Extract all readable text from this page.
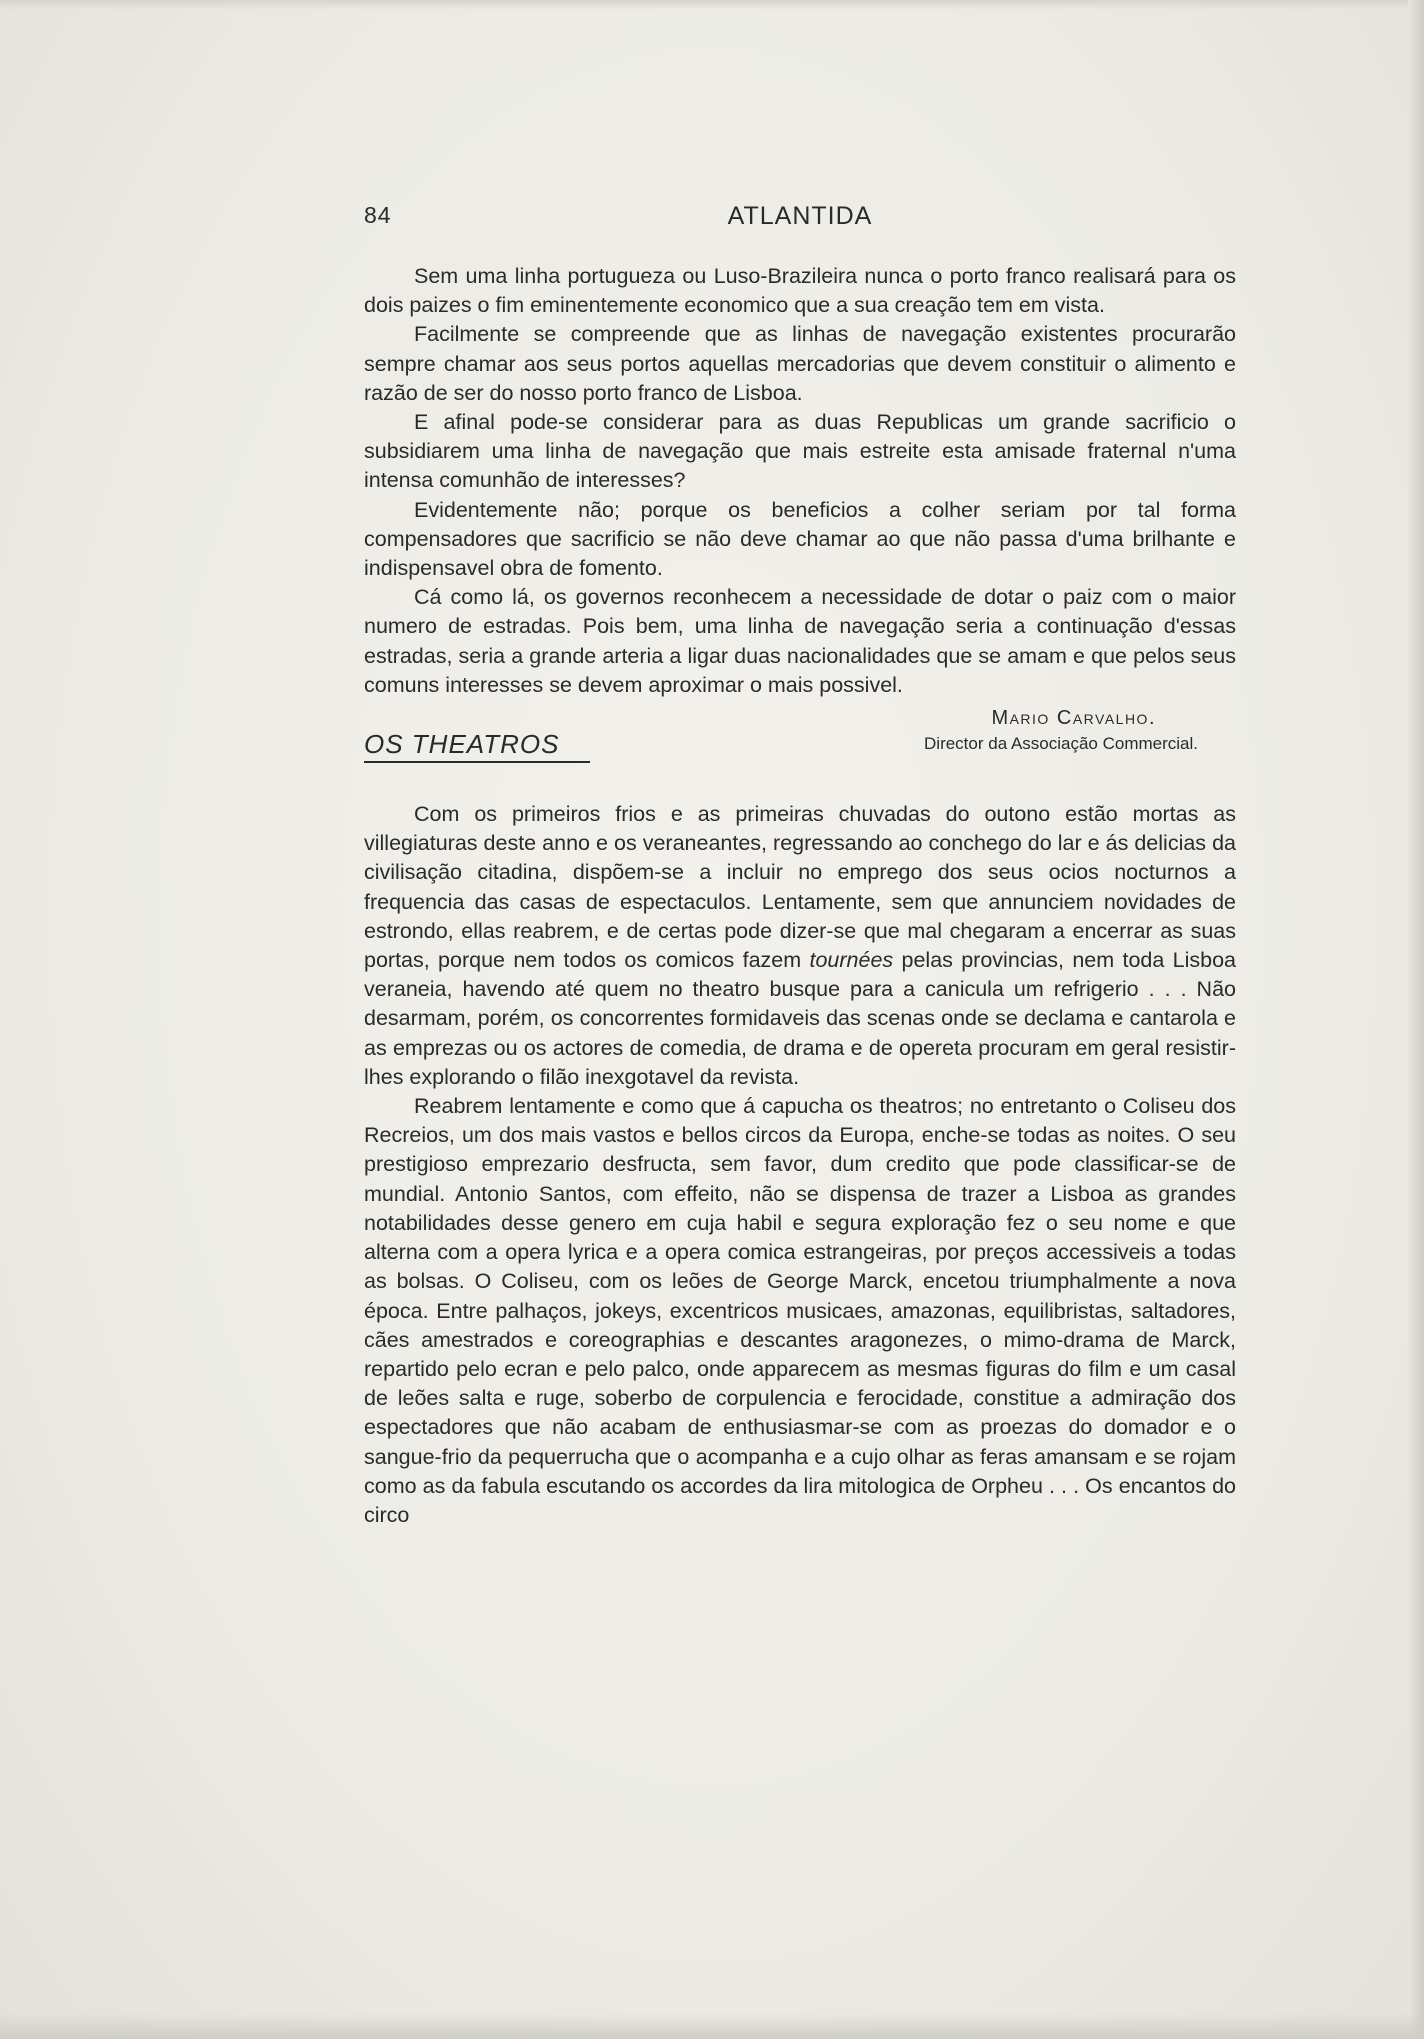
84	ATLANTIDA

Sem uma linha portugueza ou Luso-Brazileira nunca o porto franco realisará para os dois paizes o fim eminentemente economico que a sua creação tem em vista.

Facilmente se compreende que as linhas de navegação existentes procurarão sempre chamar aos seus portos aquellas mercadorias que devem constituir o alimento e razão de ser do nosso porto franco de Lisboa.

E afinal pode-se considerar para as duas Republicas um grande sacrificio o subsidiarem uma linha de navegação que mais estreite esta amisade fraternal n'uma intensa comunhão de interesses?

Evidentemente não; porque os beneficios a colher seriam por tal forma compensadores que sacrificio se não deve chamar ao que não passa d'uma brilhante e indispensavel obra de fomento.

Cá como lá, os governos reconhecem a necessidade de dotar o paiz com o maior numero de estradas. Pois bem, uma linha de navegação seria a continuação d'essas estradas, seria a grande arteria a ligar duas nacionalidades que se amam e que pelos seus comuns interesses se devem aproximar o mais possivel.

Mario Carvalho.
Director da Associação Commercial.
OS THEATROS

Com os primeiros frios e as primeiras chuvadas do outono estão mortas as villegiaturas deste anno e os veraneantes, regressando ao conchego do lar e ás delicias da civilisação citadina, dispõem-se a incluir no emprego dos seus ocios nocturnos a frequencia das casas de espectaculos. Lentamente, sem que annunciem novidades de estrondo, ellas reabrem, e de certas pode dizer-se que mal chegaram a encerrar as suas portas, porque nem todos os comicos fazem tournées pelas provincias, nem toda Lisboa veraneia, havendo até quem no theatro busque para a canicula um refrigerio . . . Não desarmam, porém, os concorrentes formidaveis das scenas onde se declama e cantarola e as emprezas ou os actores de comedia, de drama e de opereta procuram em geral resistir-lhes explorando o filão inexgotavel da revista.

Reabrem lentamente e como que á capucha os theatros; no entretanto o Coliseu dos Recreios, um dos mais vastos e bellos circos da Europa, enche-se todas as noites. O seu prestigioso emprezario desfructa, sem favor, dum credito que pode classificar-se de mundial. Antonio Santos, com effeito, não se dispensa de trazer a Lisboa as grandes notabilidades desse genero em cuja habil e segura exploração fez o seu nome e que alterna com a opera lyrica e a opera comica estrangeiras, por preços accessiveis a todas as bolsas. O Coliseu, com os leões de George Marck, encetou triumphalmente a nova época. Entre palhaços, jokeys, excentricos musicaes, amazonas, equilibristas, saltadores, cães amestrados e coreographias e descantes aragonezes, o mimo-drama de Marck, repartido pelo ecran e pelo palco, onde apparecem as mesmas figuras do film e um casal de leões salta e ruge, soberbo de corpulencia e ferocidade, constitue a admiração dos espectadores que não acabam de enthusiasmar-se com as proezas do domador e o sangue-frio da pequerrucha que o acompanha e a cujo olhar as feras amansam e se rojam como as da fabula escutando os accordes da lira mitologica de Orpheu . . . Os encantos do circo
